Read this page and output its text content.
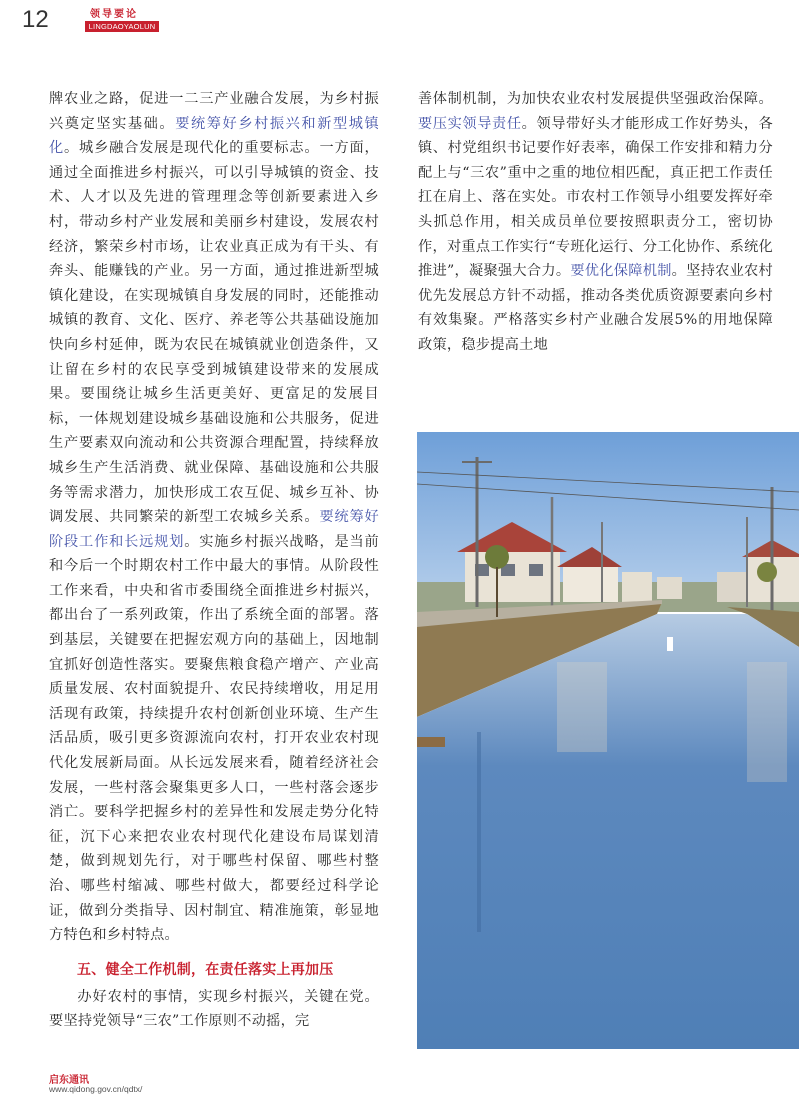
12	领导要论
LINGDAOYAOLUN

牌农业之路，促进一二三产业融合发展，为乡村振兴奠定坚实基础。要统筹好乡村振兴和新型城镇化。城乡融合发展是现代化的重要标志。一方面，通过全面推进乡村振兴，可以引导城镇的资金、技术、人才以及先进的管理理念等创新要素进入乡村，带动乡村产业发展和美丽乡村建设，发展农村经济，繁荣乡村市场，让农业真正成为有干头、有奔头、能赚钱的产业。另一方面，通过推进新型城镇化建设，在实现城镇自身发展的同时，还能推动城镇的教育、文化、医疗、养老等公共基础设施加快向乡村延伸，既为农民在城镇就业创造条件，又让留在乡村的农民享受到城镇建设带来的发展成果。要围绕让城乡生活更美好、更富足的发展目标，一体规划建设城乡基础设施和公共服务，促进生产要素双向流动和公共资源合理配置，持续释放城乡生产生活消费、就业保障、基础设施和公共服务等需求潜力，加快形成工农互促、城乡互补、协调发展、共同繁荣的新型工农城乡关系。要统筹好阶段工作和长远规划。实施乡村振兴战略，是当前和今后一个时期农村工作中最大的事情。从阶段性工作来看，中央和省市委围绕全面推进乡村振兴，都出台了一系列政策，作出了系统全面的部署。落到基层，关键要在把握宏观方向的基础上，因地制宜抓好创造性落实。要聚焦粮食稳产增产、产业高质量发展、农村面貌提升、农民持续增收，用足用活现有政策，持续提升农村创新创业环境、生产生活品质，吸引更多资源流向农村，打开农业农村现代化发展新局面。从长远发展来看，随着经济社会发展，一些村落会聚集更多人口，一些村落会逐步消亡。要科学把握乡村的差异性和发展走势分化特征，沉下心来把农业农村现代化建设布局谋划清楚，做到规划先行，对于哪些村保留、哪些村整治、哪些村缩减、哪些村做大，都要经过科学论证，做到分类指导、因村制宜、精准施策，彰显地方特色和乡村特点。

五、健全工作机制，在责任落实上再加压

办好农村的事情，实现乡村振兴，关键在党。要坚持党领导“三农”工作原则不动摇，完

善体制机制，为加快农业农村发展提供坚强政治保障。要压实领导责任。领导带好头才能形成工作好势头，各镇、村党组织书记要作好表率，确保工作安排和精力分配上与“三农”重中之重的地位相匹配，真正把工作责任扛在肩上、落在实处。市农村工作领导小组要发挥好牵头抓总作用，相关成员单位要按照职责分工，密切协作，对重点工作实行“专班化运行、分工化协作、系统化推进”，凝聚强大合力。要优化保障机制。坚持农业农村优先发展总方针不动摇，推动各类优质资源要素向乡村有效集聚。严格落实乡村产业融合发展5%的用地保障政策，稳步提高土地

启东通讯
www.qidong.gov.cn/qdtx/
